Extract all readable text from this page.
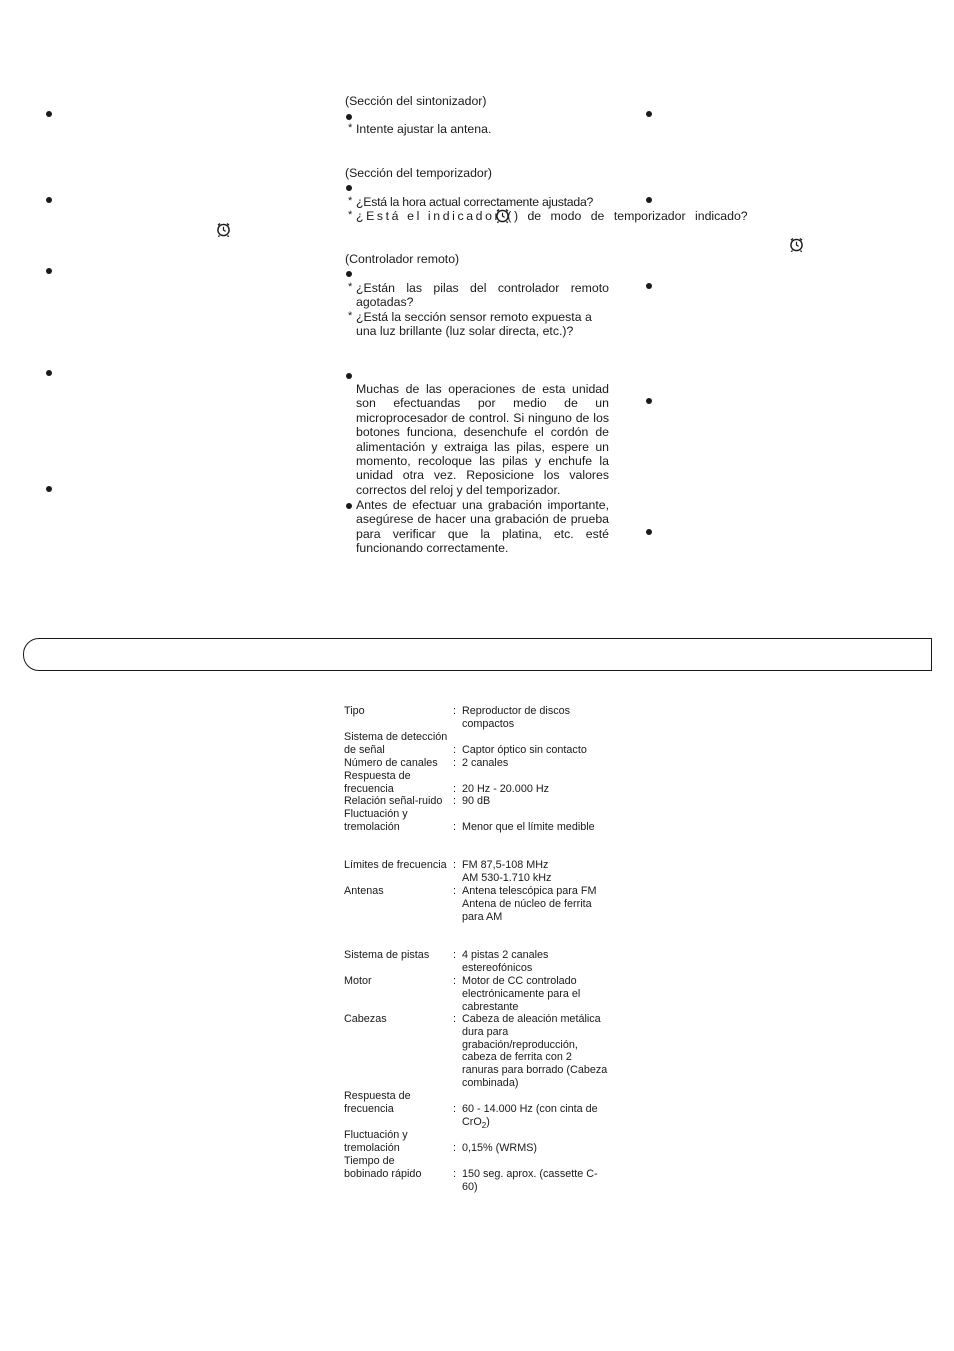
(Sección del sintonizador)
* Intente ajustar la antena.
(Sección del temporizador)
* ¿Está la hora actual correctamente ajustada?
* ¿Está el indicador ( ) de modo de temporizador indicado?
(Controlador remoto)
* ¿Están las pilas del controlador remoto agotadas?
* ¿Está la sección sensor remoto expuesta a una luz brillante (luz solar directa, etc.)?
Muchas de las operaciones de esta unidad son efectuandas por medio de un microprocesador de control. Si ninguno de los botones funciona, desenchufe el cordón de alimentación y extraiga las pilas, espere un momento, recoloque las pilas y enchufe la unidad otra vez. Reposicione los valores correctos del reloj y del temporizador.
Antes de efectuar una grabación importante, asegúrese de hacer una grabación de prueba para verificar que la platina, etc. esté funcionando correctamente.
Tipo	: Reproductor de discos compactos
Sistema de detección de señal	: Captor óptico sin contacto
Número de canales	: 2 canales
Respuesta de frecuencia	: 20 Hz - 20.000 Hz
Relación señal-ruido : 90 dB
Fluctuación y tremolación	: Menor que el límite medible
Límites de frecuencia : FM 87,5-108 MHz
AM 530-1.710 kHz
Antenas	: Antena telescópica para FM
Antena de núcleo de ferrita para AM
Sistema de pistas	: 4 pistas 2 canales estereofónicos
Motor	: Motor de CC controlado electrónicamente para el cabrestante
Cabezas	: Cabeza de aleación metálica dura para grabación/reproducción, cabeza de ferrita con 2 ranuras para borrado (Cabeza combinada)
Respuesta de frecuencia	: 60 - 14.000 Hz (con cinta de CrO$_2$)
Fluctuación y tremolación	: 0,15% (WRMS)
Tiempo de bobinado rápido	: 150 seg. aprox. (cassette C-60)
